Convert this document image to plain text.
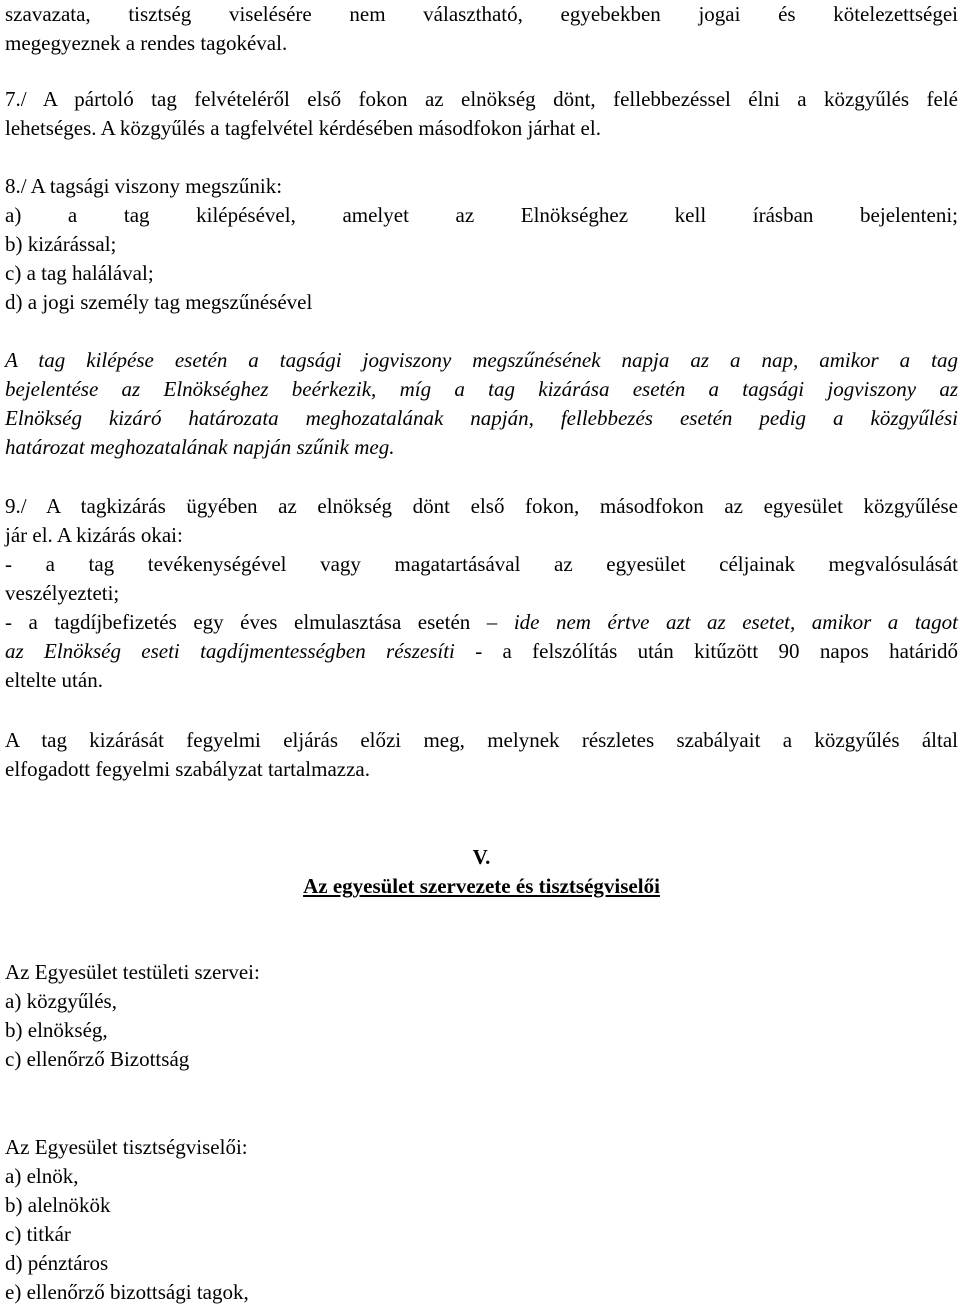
szavazata, tisztség viselésére nem választható, egyebekben jogai és kötelezettségei

megegyeznek a rendes tagokéval.

7./ A pártoló tag felvételéről első fokon az elnökség dönt, fellebbezéssel élni a közgyűlés felé

lehetséges. A közgyűlés a tagfelvétel kérdésében másodfokon járhat el.

8./ A tagsági viszony megszűnik:

a) a tag kilépésével, amelyet az Elnökséghez kell írásban bejelenteni;

b) kizárással;

c) a tag halálával;

d) a jogi személy tag megszűnésével

A tag kilépése esetén a tagsági jogviszony megszűnésének napja az a nap, amikor a tag

bejelentése az Elnökséghez beérkezik, míg a tag kizárása esetén a tagsági jogviszony az

Elnökség kizáró határozata meghozatalának napján, fellebbezés esetén pedig a közgyűlési

határozat meghozatalának napján szűnik meg.

9./ A tagkizárás ügyében az elnökség dönt első fokon, másodfokon az egyesület közgyűlése

jár el. A kizárás okai:

- a tag tevékenységével vagy magatartásával az egyesület céljainak megvalósulását

veszélyezteti;

- a tagdíjbefizetés egy éves elmulasztása esetén – ide nem értve azt az esetet, amikor a tagot

az Elnökség eseti tagdíjmentességben részesíti - a felszólítás után kitűzött 90 napos határidő

eltelte után.

A tag kizárását fegyelmi eljárás előzi meg, melynek részletes szabályait a közgyűlés által

elfogadott fegyelmi szabályzat tartalmazza.

V.

Az egyesület szervezete és tisztségviselői

Az Egyesület testületi szervei:

a) közgyűlés,

b) elnökség,

c) ellenőrző Bizottság

Az Egyesület tisztségviselői:

a) elnök,

b) alelnökök

c) titkár

d) pénztáros

e) ellenőrző bizottsági tagok,
